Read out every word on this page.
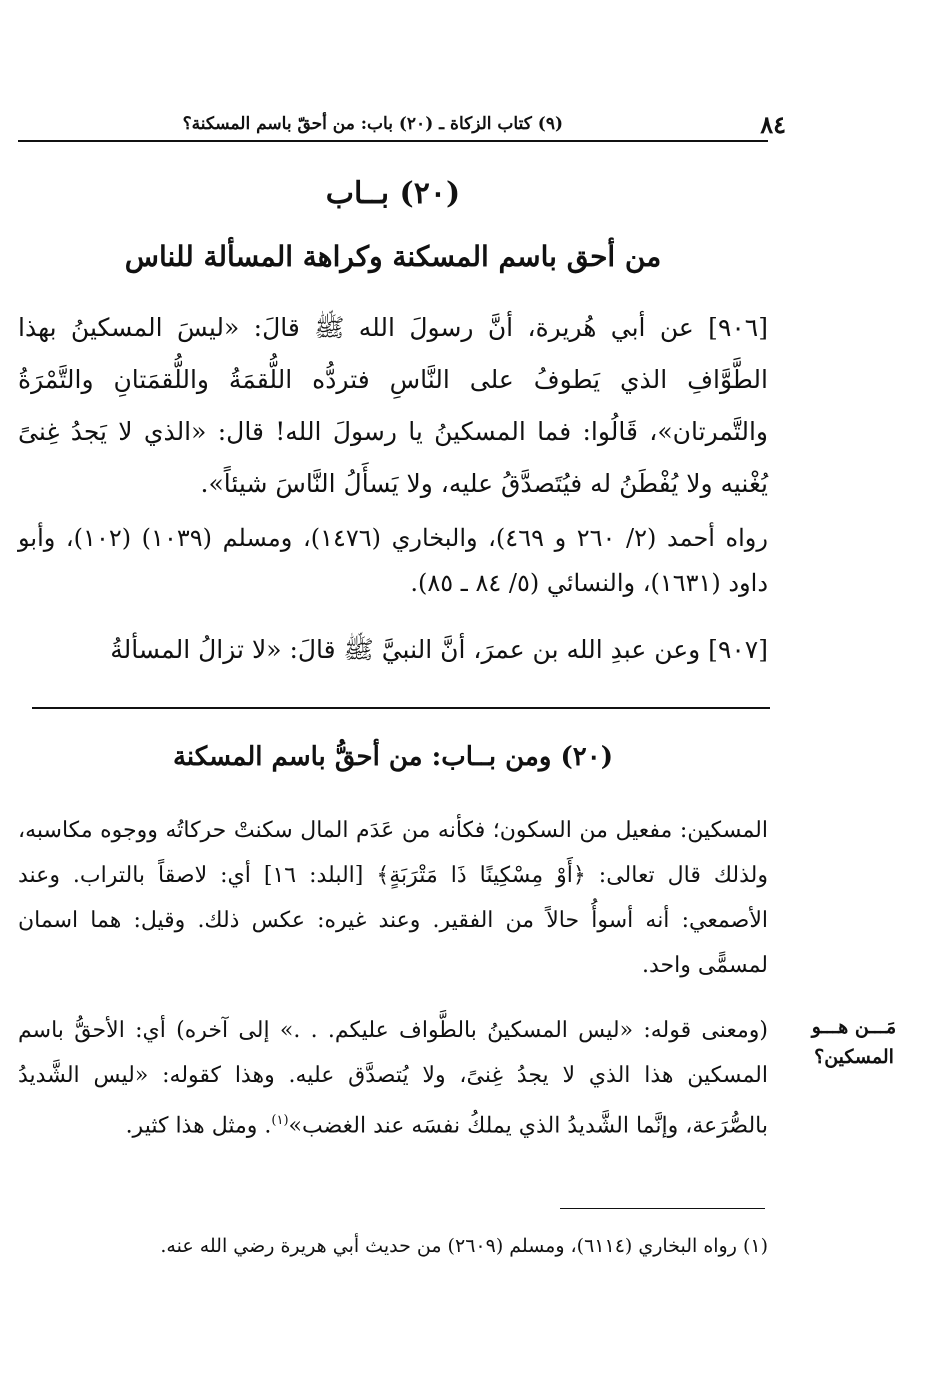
٨٤
(٩) كتاب الزكاة ـ (٢٠) باب: من أحقّ باسم المسكنة؟
(٢٠) بــاب
من أحق باسم المسكنة وكراهة المسألة للناس
[٩٠٦] عن أبي هُريرة، أنَّ رسولَ الله ﷺ قالَ: «ليسَ المسكينُ بهذا الطَّوَّافِ الذي يَطوفُ على النَّاسِ فتردُّه اللُّقمَةُ واللُّقمَتانِ والتَّمْرَةُ والتَّمرتان»، قَالُوا: فما المسكينُ يا رسولَ الله! قال: «الذي لا يَجدُ غِنىً يُغْنيه ولا يُفْطَنُ له فيُتَصدَّقُ عليه، ولا يَسأَلُ النَّاسَ شيئاً».
رواه أحمد (٢/ ٢٦٠ و ٤٦٩)، والبخاري (١٤٧٦)، ومسلم (١٠٣٩) (١٠٢)، وأبو داود (١٦٣١)، والنسائي (٥/ ٨٤ ـ ٨٥).
[٩٠٧] وعن عبدِ الله بن عمرَ، أنَّ النبيَّ ﷺ قالَ: «لا تزالُ المسألةُ
(٢٠) ومن بــاب: من أحقُّ باسم المسكنة
المسكين: مفعيل من السكون؛ فكأنه من عَدَم المال سكنتْ حركاتُه ووجوه مكاسبه، ولذلك قال تعالى: ﴿أَوْ مِسْكِينًا ذَا مَتْرَبَةٍ﴾ [البلد: ١٦] أي: لاصقاً بالتراب. وعند الأصمعي: أنه أسوأُ حالاً من الفقير. وعند غيره: عكس ذلك. وقيل: هما اسمان لمسمًّى واحد.
(ومعنى قوله: «ليس المسكينُ بالطَّواف عليكم. . .» إلى آخره) أي: الأحقُّ باسم المسكين هذا الذي لا يجدُ غِنىً، ولا يُتصدَّق عليه. وهذا كقوله: «ليس الشَّديدُ بالصُّرَعة، وإنَّما الشَّديدُ الذي يملكُ نفسَه عند الغضب»$^{(١)}$. ومثل هذا كثير.
مَـــن هـــو المسكين؟
(١) رواه البخاري (٦١١٤)، ومسلم (٢٦٠٩) من حديث أبي هريرة رضي الله عنه.
